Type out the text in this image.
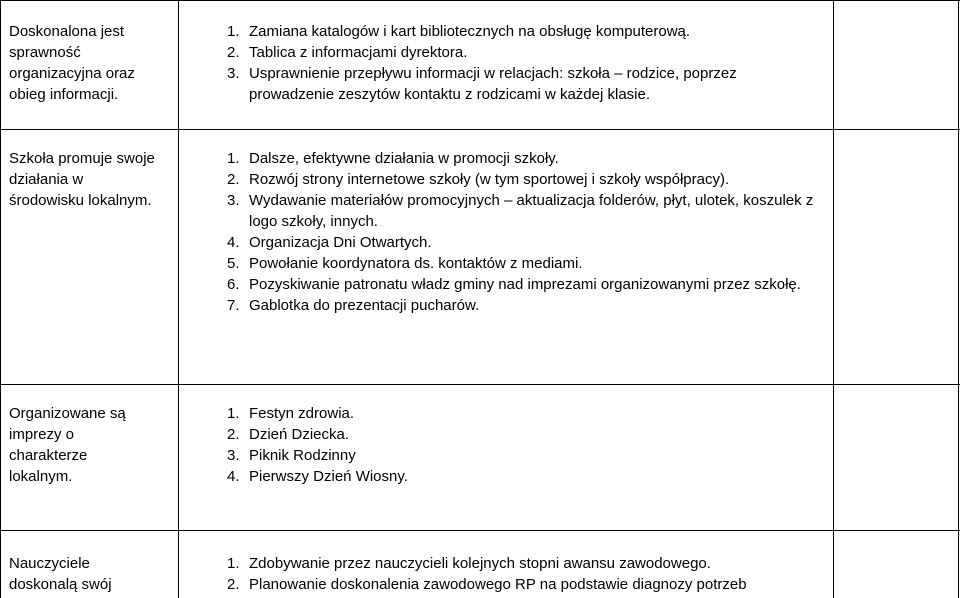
Doskonalona jest sprawność organizacyjna oraz obieg informacji.
1. Zamiana katalogów i kart bibliotecznych na obsługę komputerową.
2. Tablica z informacjami dyrektora.
3. Usprawnienie przepływu informacji w relacjach: szkoła – rodzice, poprzez prowadzenie zeszytów kontaktu z rodzicami w każdej klasie.
Szkoła promuje swoje działania w środowisku lokalnym.
1. Dalsze, efektywne działania w promocji szkoły.
2. Rozwój strony internetowe szkoły (w tym sportowej i szkoły współpracy).
3. Wydawanie materiałów promocyjnych – aktualizacja folderów, płyt, ulotek, koszulek z logo szkoły, innych.
4. Organizacja Dni Otwartych.
5. Powołanie koordynatora ds. kontaktów z mediami.
6. Pozyskiwanie patronatu władz gminy nad imprezami organizowanymi przez szkołę.
7. Gablotka do prezentacji pucharów.
Organizowane są imprezy o charakterze lokalnym.
1. Festyn zdrowia.
2. Dzień Dziecka.
3. Piknik Rodzinny
4. Pierwszy Dzień Wiosny.
Nauczyciele doskonalą swój
1. Zdobywanie przez nauczycieli kolejnych stopni awansu zawodowego.
2. Planowanie doskonalenia zawodowego RP na podstawie diagnozy potrzeb
